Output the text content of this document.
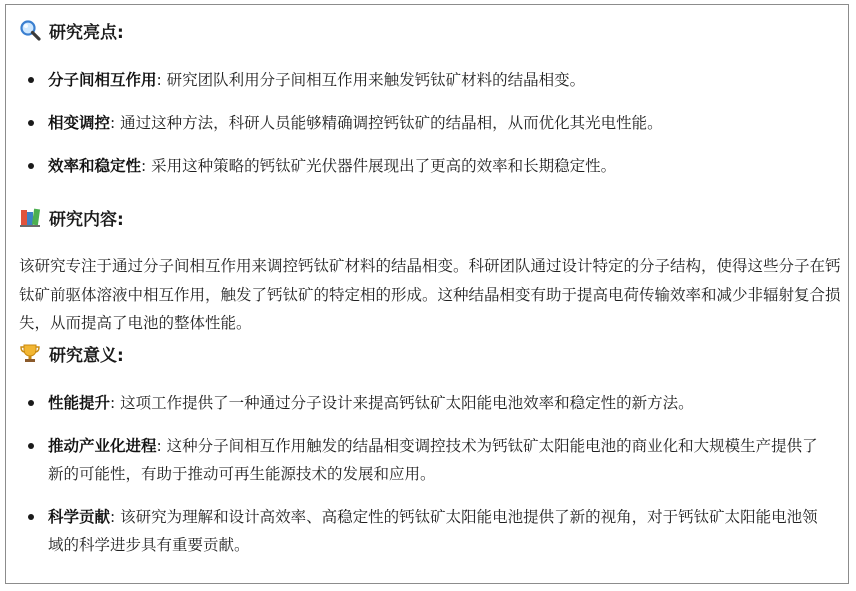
研究亮点:
分子间相互作用: 研究团队利用分子间相互作用来触发钙钛矿材料的结晶相变。
相变调控: 通过这种方法，科研人员能够精确调控钙钛矿的结晶相，从而优化其光电性能。
效率和稳定性: 采用这种策略的钙钛矿光伏器件展现出了更高的效率和长期稳定性。
研究内容:
该研究专注于通过分子间相互作用来调控钙钛矿材料的结晶相变。科研团队通过设计特定的分子结构，使得这些分子在钙钛矿前驱体溶液中相互作用，触发了钙钛矿的特定相的形成。这种结晶相变有助于提高电荷传输效率和减少非辐射复合损失，从而提高了电池的整体性能。
研究意义:
性能提升: 这项工作提供了一种通过分子设计来提高钙钛矿太阳能电池效率和稳定性的新方法。
推动产业化进程: 这种分子间相互作用触发的结晶相变调控技术为钙钛矿太阳能电池的商业化和大规模生产提供了新的可能性，有助于推动可再生能源技术的发展和应用。
科学贡献: 该研究为理解和设计高效率、高稳定性的钙钛矿太阳能电池提供了新的视角，对于钙钛矿太阳能电池领域的科学进步具有重要贡献。
